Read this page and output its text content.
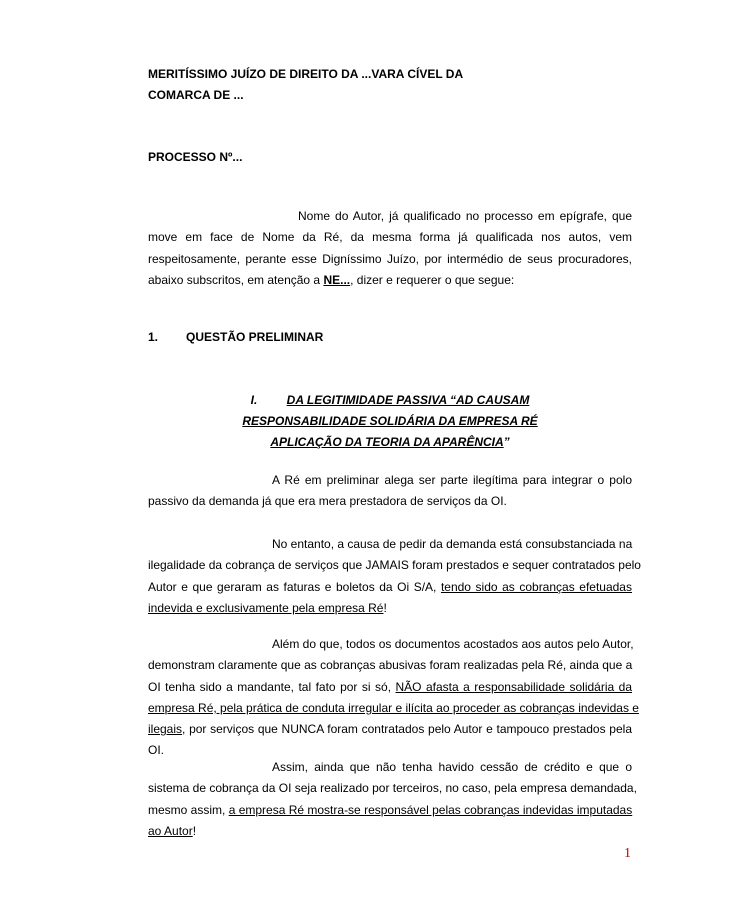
MERITÍSSIMO JUÍZO DE DIREITO DA ...VARA CÍVEL DA
COMARCA DE ...
PROCESSO Nº...
Nome do Autor, já qualificado no processo em epígrafe, que
move em face de Nome da Ré, da mesma forma já qualificada nos autos, vem
respeitosamente, perante esse Digníssimo Juízo, por intermédio de seus procuradores,
abaixo subscritos, em atenção a NE..., dizer e requerer o que segue:
1. QUESTÃO PRELIMINAR
I. DA LEGITIMIDADE PASSIVA “AD CAUSAM
RESPONSABILIDADE SOLIDÁRIA DA EMPRESA RÉ
APLICAÇÃO DA TEORIA DA APARÊNCIA”
A Ré em preliminar alega ser parte ilegítima para integrar o polo
passivo da demanda já que era mera prestadora de serviços da OI.
No entanto, a causa de pedir da demanda está consubstanciada na
ilegalidade da cobrança de serviços que JAMAIS foram prestados e sequer contratados pelo
Autor e que geraram as faturas e boletos da Oi S/A, tendo sido as cobranças efetuadas
indevida e exclusivamente pela empresa Ré!
Além do que, todos os documentos acostados aos autos pelo Autor,
demonstram claramente que as cobranças abusivas foram realizadas pela Ré, ainda que a
OI tenha sido a mandante, tal fato por si só, NÃO afasta a responsabilidade solidária da
empresa Ré, pela prática de conduta irregular e ilícita ao proceder as cobranças indevidas e
ilegais, por serviços que NUNCA foram contratados pelo Autor e tampouco prestados pela
OI.
Assim, ainda que não tenha havido cessão de crédito e que o
sistema de cobrança da OI seja realizado por terceiros, no caso, pela empresa demandada,
mesmo assim, a empresa Ré mostra-se responsável pelas cobranças indevidas imputadas
ao Autor!
1
